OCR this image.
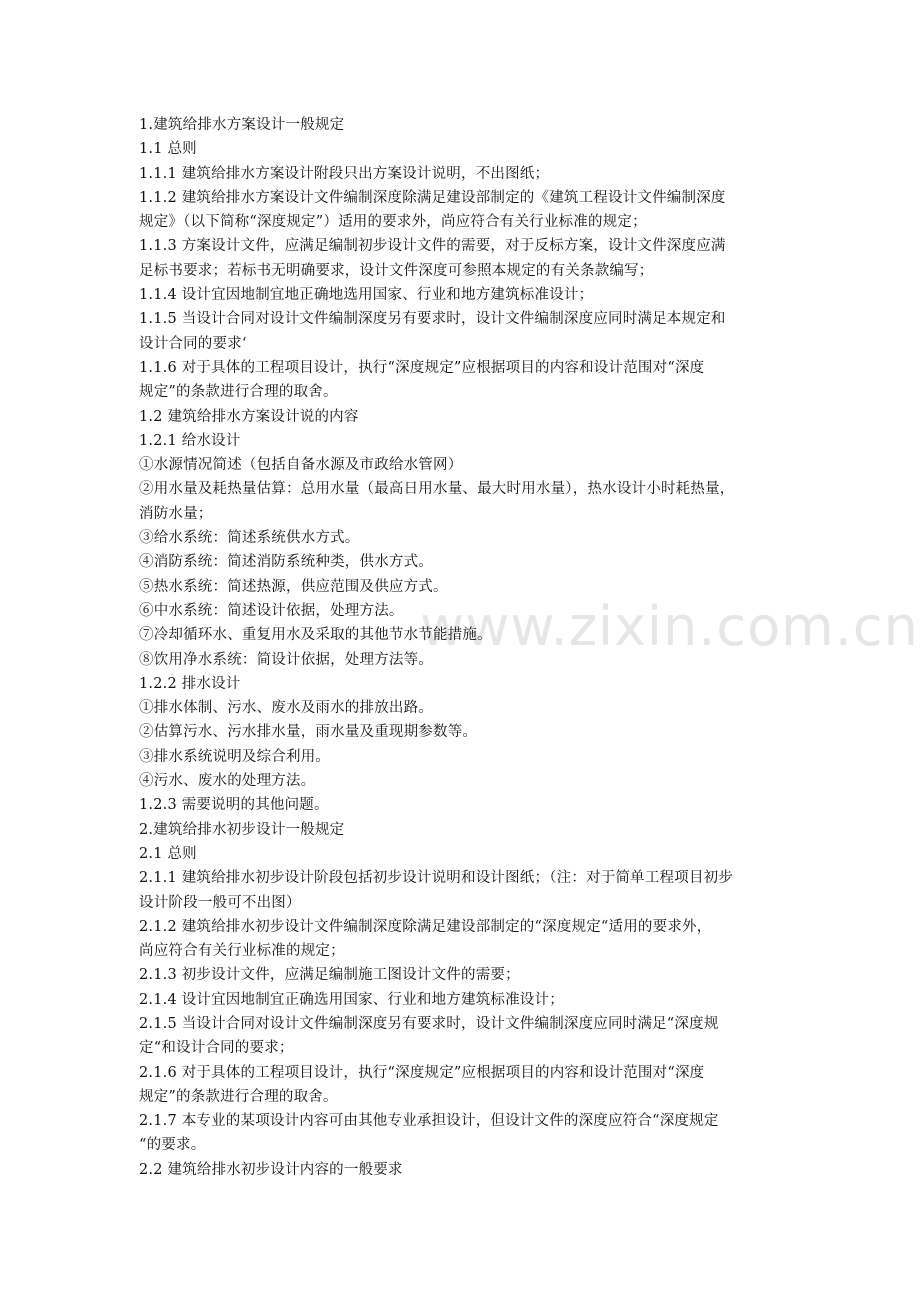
www.zixin.com.cn
1.建筑给排水方案设计一般规定
1.1 总则
1.1.1 建筑给排水方案设计附段只出方案设计说明，不出图纸；
1.1.2 建筑给排水方案设计文件编制深度除满足建设部制定的《建筑工程设计文件编制深度
规定》（以下简称“深度规定”）适用的要求外，尚应符合有关行业标准的规定；
1.1.3 方案设计文件，应满足编制初步设计文件的需要，对于反标方案，设计文件深度应满
足标书要求；若标书无明确要求，设计文件深度可参照本规定的有关条款编写；
1.1.4 设计宜因地制宜地正确地选用国家、行业和地方建筑标准设计；
1.1.5 当设计合同对设计文件编制深度另有要求时，设计文件编制深度应同时满足本规定和
设计合同的要求‘
1.1.6 对于具体的工程项目设计，执行“深度规定”应根据项目的内容和设计范围对“深度
规定”的条款进行合理的取舍。
1.2 建筑给排水方案设计说的内容
1.2.1 给水设计
①水源情况简述（包括自备水源及市政给水管网）
②用水量及耗热量估算：总用水量（最高日用水量、最大时用水量），热水设计小时耗热量，
消防水量；
③给水系统：简述系统供水方式。
④消防系统：简述消防系统种类，供水方式。
⑤热水系统：简述热源，供应范围及供应方式。
⑥中水系统：简述设计依据，处理方法。
⑦冷却循环水、重复用水及采取的其他节水节能措施。
⑧饮用净水系统：简设计依据，处理方法等。
1.2.2 排水设计
①排水体制、污水、废水及雨水的排放出路。
②估算污水、污水排水量，雨水量及重现期参数等。
③排水系统说明及综合利用。
④污水、废水的处理方法。
1.2.3 需要说明的其他问题。
2.建筑给排水初步设计一般规定
2.1 总则
2.1.1 建筑给排水初步设计阶段包括初步设计说明和设计图纸；（注：对于简单工程项目初步
设计阶段一般可不出图）
2.1.2 建筑给排水初步设计文件编制深度除满足建设部制定的“深度规定“适用的要求外，
尚应符合有关行业标准的规定；
2.1.3 初步设计文件，应满足编制施工图设计文件的需要；
2.1.4 设计宜因地制宜正确选用国家、行业和地方建筑标准设计；
2.1.5 当设计合同对设计文件编制深度另有要求时，设计文件编制深度应同时满足“深度规
定“和设计合同的要求；
2.1.6 对于具体的工程项目设计，执行“深度规定”应根据项目的内容和设计范围对“深度
规定”的条款进行合理的取舍。
2.1.7 本专业的某项设计内容可由其他专业承担设计，但设计文件的深度应符合“深度规定
“的要求。
2.2 建筑给排水初步设计内容的一般要求
